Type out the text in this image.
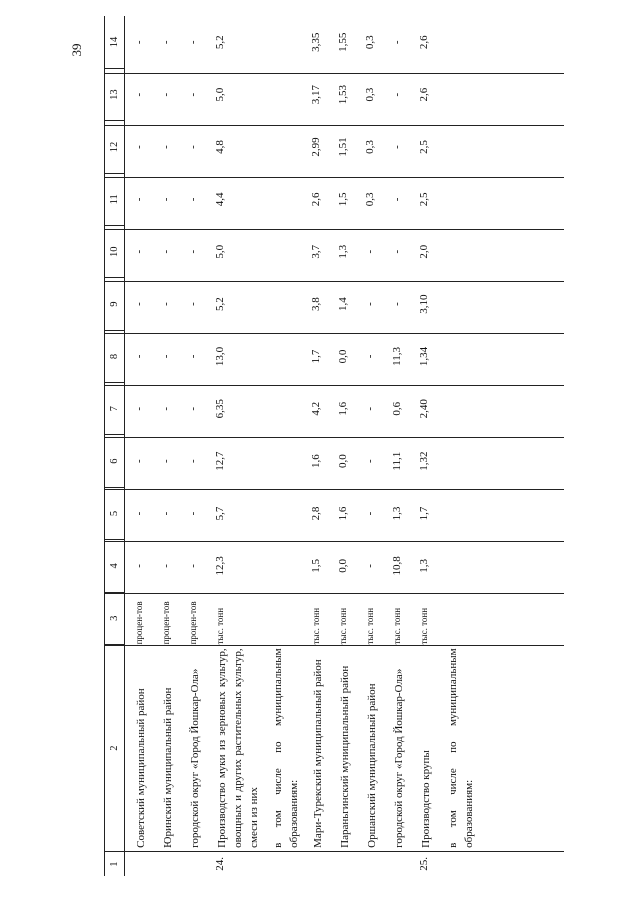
39
1	2	3	4	5	6	7	8	9	10	11	12	13	14
	Советский муниципальный район	процен-тов	-	-	-	-	-	-	-	-	-	-	-
	Юринский муниципальный район	процен-тов	-	-	-	-	-	-	-	-	-	-	-
	городской округ «Город Йошкар-Ола»	процен-тов	-	-	-	-	-	-	-	-	-	-	-
24.	Производство муки из зерновых культур, овощных и других растительных культур, смеси из них	тыс. тонн	12,3	5,7	12,7	6,35	13,0	5,2	5,0	4,4	4,8	5,0	5,2
	в том числе по муниципальным образованиям:												
	Мари-Турекский муниципальный район	тыс. тонн	1,5	2,8	1,6	4,2	1,7	3,8	3,7	2,6	2,99	3,17	3,35
	Параньгинский муниципальный район	тыс. тонн	0,0	1,6	0,0	1,6	0,0	1,4	1,3	1,5	1,51	1,53	1,55
	Оршанский муниципальный район	тыс. тонн	-	-	-	-	-	-	-	0,3	0,3	0,3	0,3
	городской округ «Город Йошкар-Ола»	тыс. тонн	10,8	1,3	11,1	0,6	11,3	-	-	-	-	-	-
25.	Производство крупы	тыс. тонн	1,3	1,7	1,32	2,40	1,34	3,10	2,0	2,5	2,5	2,6	2,6
	в том числе по муниципальным образованиям:												
